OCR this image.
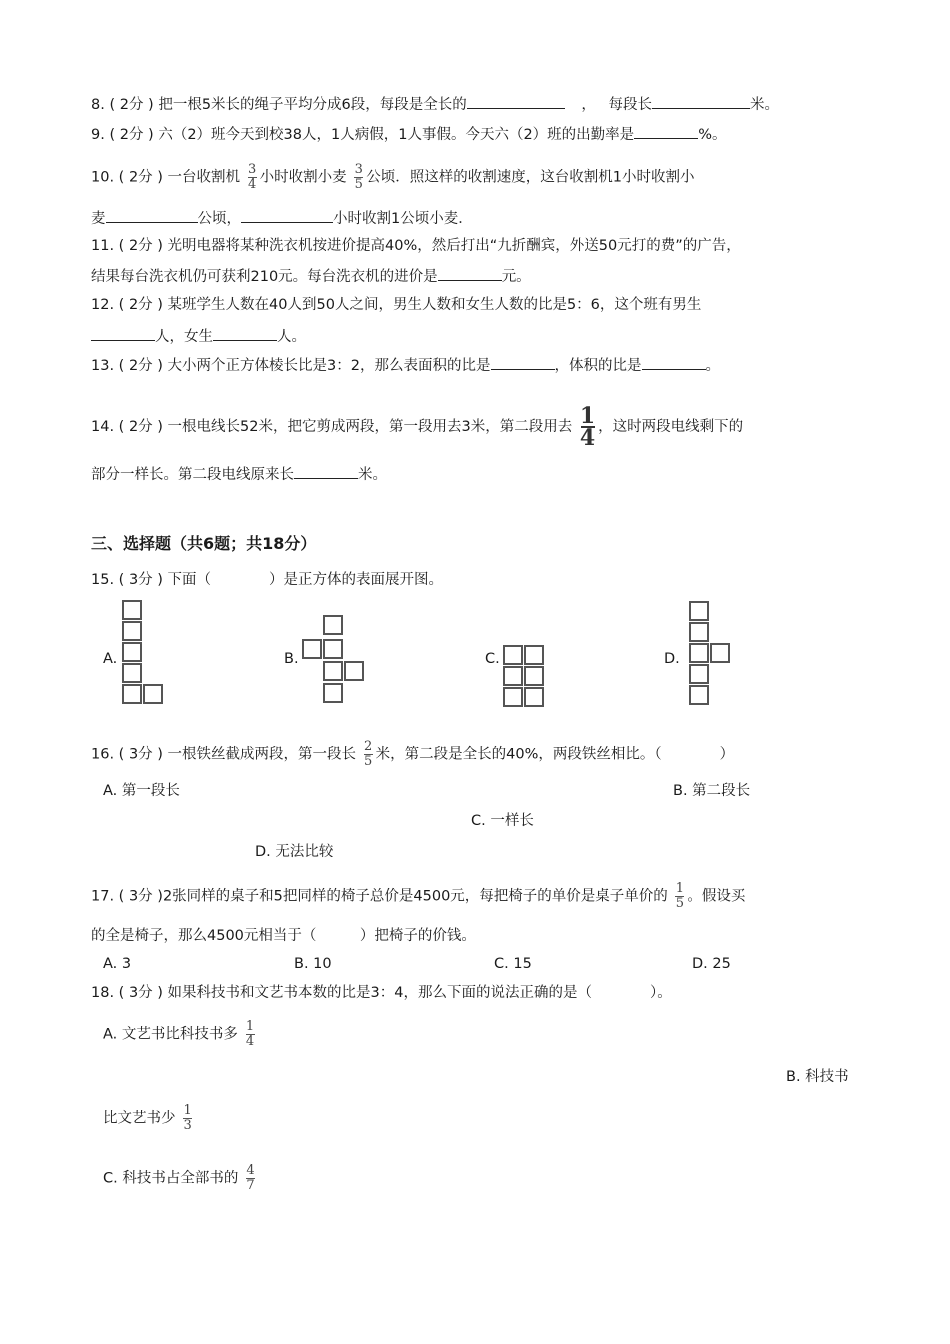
8. ( 2分 ) 把一根5米长的绳子平均分成6段，每段是全长的	， 每段长	米。
9. ( 2分 ) 六（2）班今天到校38人，1人病假，1人事假。今天六（2）班的出勤率是	%。
10. ( 2分 ) 一台收割机 $\frac{3}{4}$ 小时收割小麦 $\frac{3}{5}$ 公顷．照这样的收割速度，这台收割机1小时收割小
麦	公顷，	小时收割1公顷小麦．
11. ( 2分 ) 光明电器将某种洗衣机按进价提高40%，然后打出“九折酬宾，外送50元打的费”的广告，
结果每台洗衣机仍可获利210元。每台洗衣机的进价是	元。
12. ( 2分 ) 某班学生人数在40人到50人之间，男生人数和女生人数的比是5：6，这个班有男生
人，女生	人。
13. ( 2分 ) 大小两个正方体棱长比是3：2，那么表面积的比是	，体积的比是	。
14. ( 2分 ) 一根电线长52米，把它剪成两段，第一段用去3米，第二段用去 $\frac{1}{4}$ ，这时两段电线剩下的
部分一样长。第二段电线原来长	米。
三、选择题（共6题；共18分）
15. ( 3分 ) 下面（　　　　）是正方体的表面展开图。
A.	B.	C.	D.
16. ( 3分 ) 一根铁丝截成两段，第一段长 $\frac{2}{5}$ 米，第二段是全长的40%，两段铁丝相比。（　　　　）
A. 第一段长	B. 第二段长
C. 一样长
D. 无法比较
17. ( 3分 )2张同样的桌子和5把同样的椅子总价是4500元，每把椅子的单价是桌子单价的 $\frac{1}{5}$ 。假设买
的全是椅子，那么4500元相当于（　　　）把椅子的价钱。
A. 3	B. 10	C. 15	D. 25
18. ( 3分 ) 如果科技书和文艺书本数的比是3：4，那么下面的说法正确的是（　　　　）。
A. 文艺书比科技书多 $\frac{1}{4}$
B. 科技书
比文艺书少 $\frac{1}{3}$
C. 科技书占全部书的 $\frac{4}{7}$
